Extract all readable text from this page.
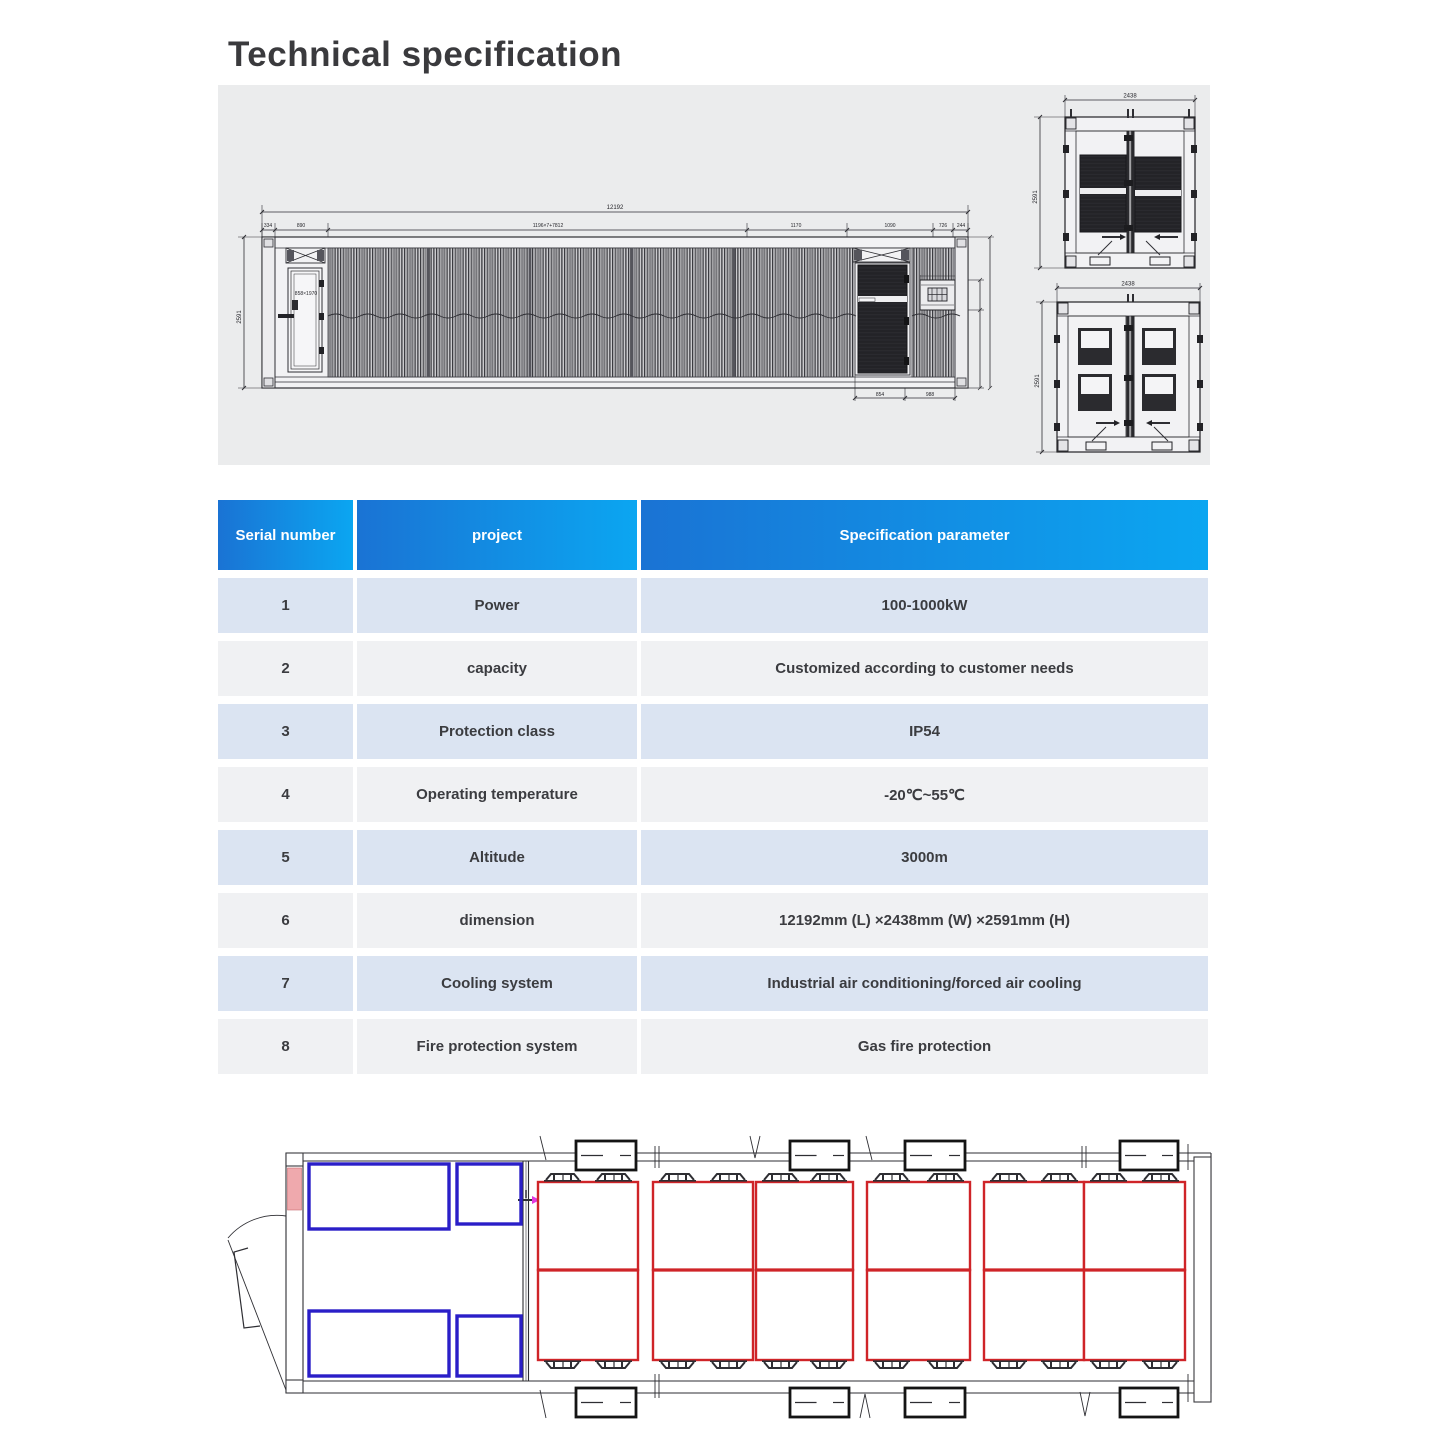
Technical specification
12192
334	890	1196×7+7812	1170	1090	726 244
2591
858×1970
854	988
2438
2591
2438
2591
Serial number	project	Specification parameter
1	Power	100-1000kW
2	capacity	Customized according to customer needs
3	Protection class	IP54
4	Operating temperature	-20℃~55℃
5	Altitude	3000m
6	dimension	12192mm (L) ×2438mm (W) ×2591mm (H)
7	Cooling system	Industrial air conditioning/forced air cooling
8	Fire protection system	Gas fire protection
